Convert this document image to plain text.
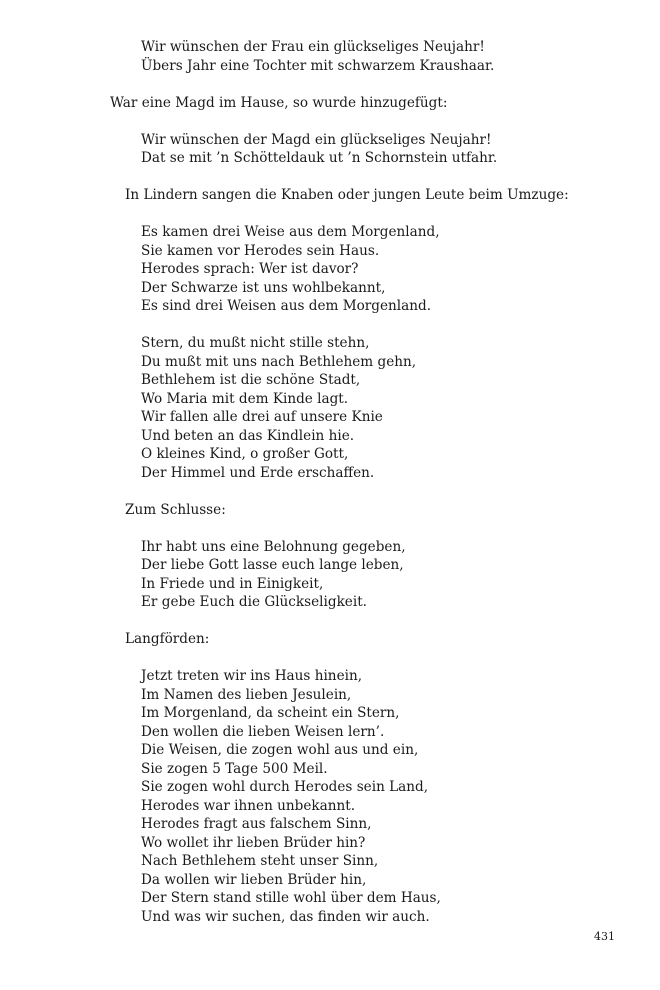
Wir wünschen der Frau ein glückseliges Neujahr!
Übers Jahr eine Tochter mit schwarzem Kraushaar.
War eine Magd im Hause, so wurde hinzugefügt:
Wir wünschen der Magd ein glückseliges Neujahr!
Dat se mit ’n Schötteldauk ut ’n Schornstein utfahr.
In Lindern sangen die Knaben oder jungen Leute beim Umzuge:
Es kamen drei Weise aus dem Morgenland,
Sie kamen vor Herodes sein Haus.
Herodes sprach: Wer ist davor?
Der Schwarze ist uns wohlbekannt,
Es sind drei Weisen aus dem Morgenland.
Stern, du mußt nicht stille stehn,
Du mußt mit uns nach Bethlehem gehn,
Bethlehem ist die schöne Stadt,
Wo Maria mit dem Kinde lagt.
Wir fallen alle drei auf unsere Knie
Und beten an das Kindlein hie.
O kleines Kind, o großer Gott,
Der Himmel und Erde erschaffen.
Zum Schlusse:
Ihr habt uns eine Belohnung gegeben,
Der liebe Gott lasse euch lange leben,
In Friede und in Einigkeit,
Er gebe Euch die Glückseligkeit.
Langförden:
Jetzt treten wir ins Haus hinein,
Im Namen des lieben Jesulein,
Im Morgenland, da scheint ein Stern,
Den wollen die lieben Weisen lern’.
Die Weisen, die zogen wohl aus und ein,
Sie zogen 5 Tage 500 Meil.
Sie zogen wohl durch Herodes sein Land,
Herodes war ihnen unbekannt.
Herodes fragt aus falschem Sinn,
Wo wollet ihr lieben Brüder hin?
Nach Bethlehem steht unser Sinn,
Da wollen wir lieben Brüder hin,
Der Stern stand stille wohl über dem Haus,
Und was wir suchen, das finden wir auch.
431
